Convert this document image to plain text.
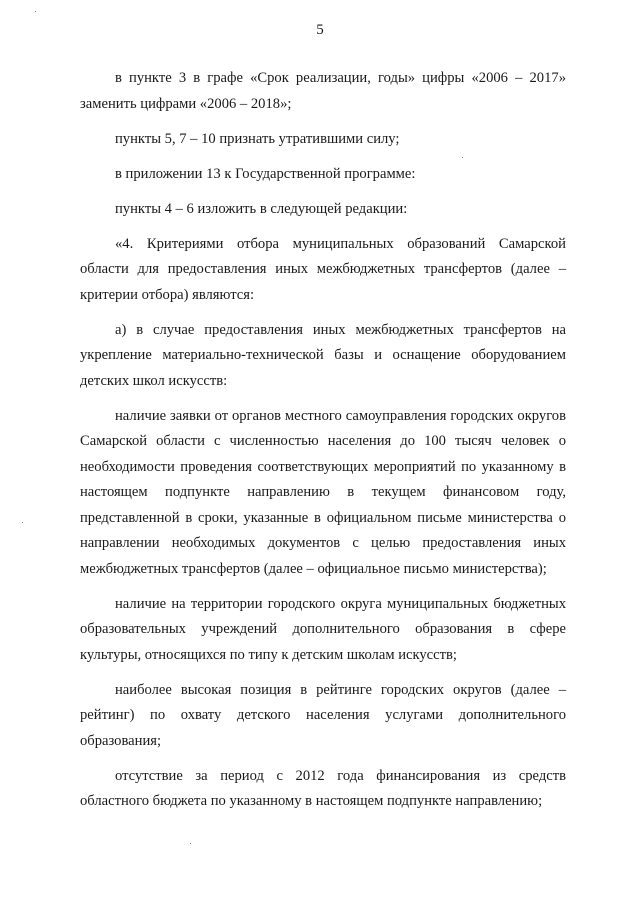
5

в пункте 3 в графе «Срок реализации, годы» цифры «2006 – 2017» заменить цифрами «2006 – 2018»;

пункты 5, 7 – 10 признать утратившими силу;

в приложении 13 к Государственной программе:

пункты 4 – 6 изложить в следующей редакции:

«4. Критериями отбора муниципальных образований Самарской области для предоставления иных межбюджетных трансфертов (далее – критерии отбора) являются:

а) в случае предоставления иных межбюджетных трансфертов на укрепление материально-технической базы и оснащение оборудованием детских школ искусств:

наличие заявки от органов местного самоуправления городских округов Самарской области с численностью населения до 100 тысяч человек о необходимости проведения соответствующих мероприятий по указанному в настоящем подпункте направлению в текущем финансовом году, представленной в сроки, указанные в официальном письме министерства о направлении необходимых документов с целью предоставления иных межбюджетных трансфертов (далее – официальное письмо министерства);

наличие на территории городского округа муниципальных бюджетных образовательных учреждений дополнительного образования в сфере культуры, относящихся по типу к детским школам искусств;

наиболее высокая позиция в рейтинге городских округов (далее – рейтинг) по охвату детского населения услугами дополнительного образования;

отсутствие за период с 2012 года финансирования из средств областного бюджета по указанному в настоящем подпункте направлению;
